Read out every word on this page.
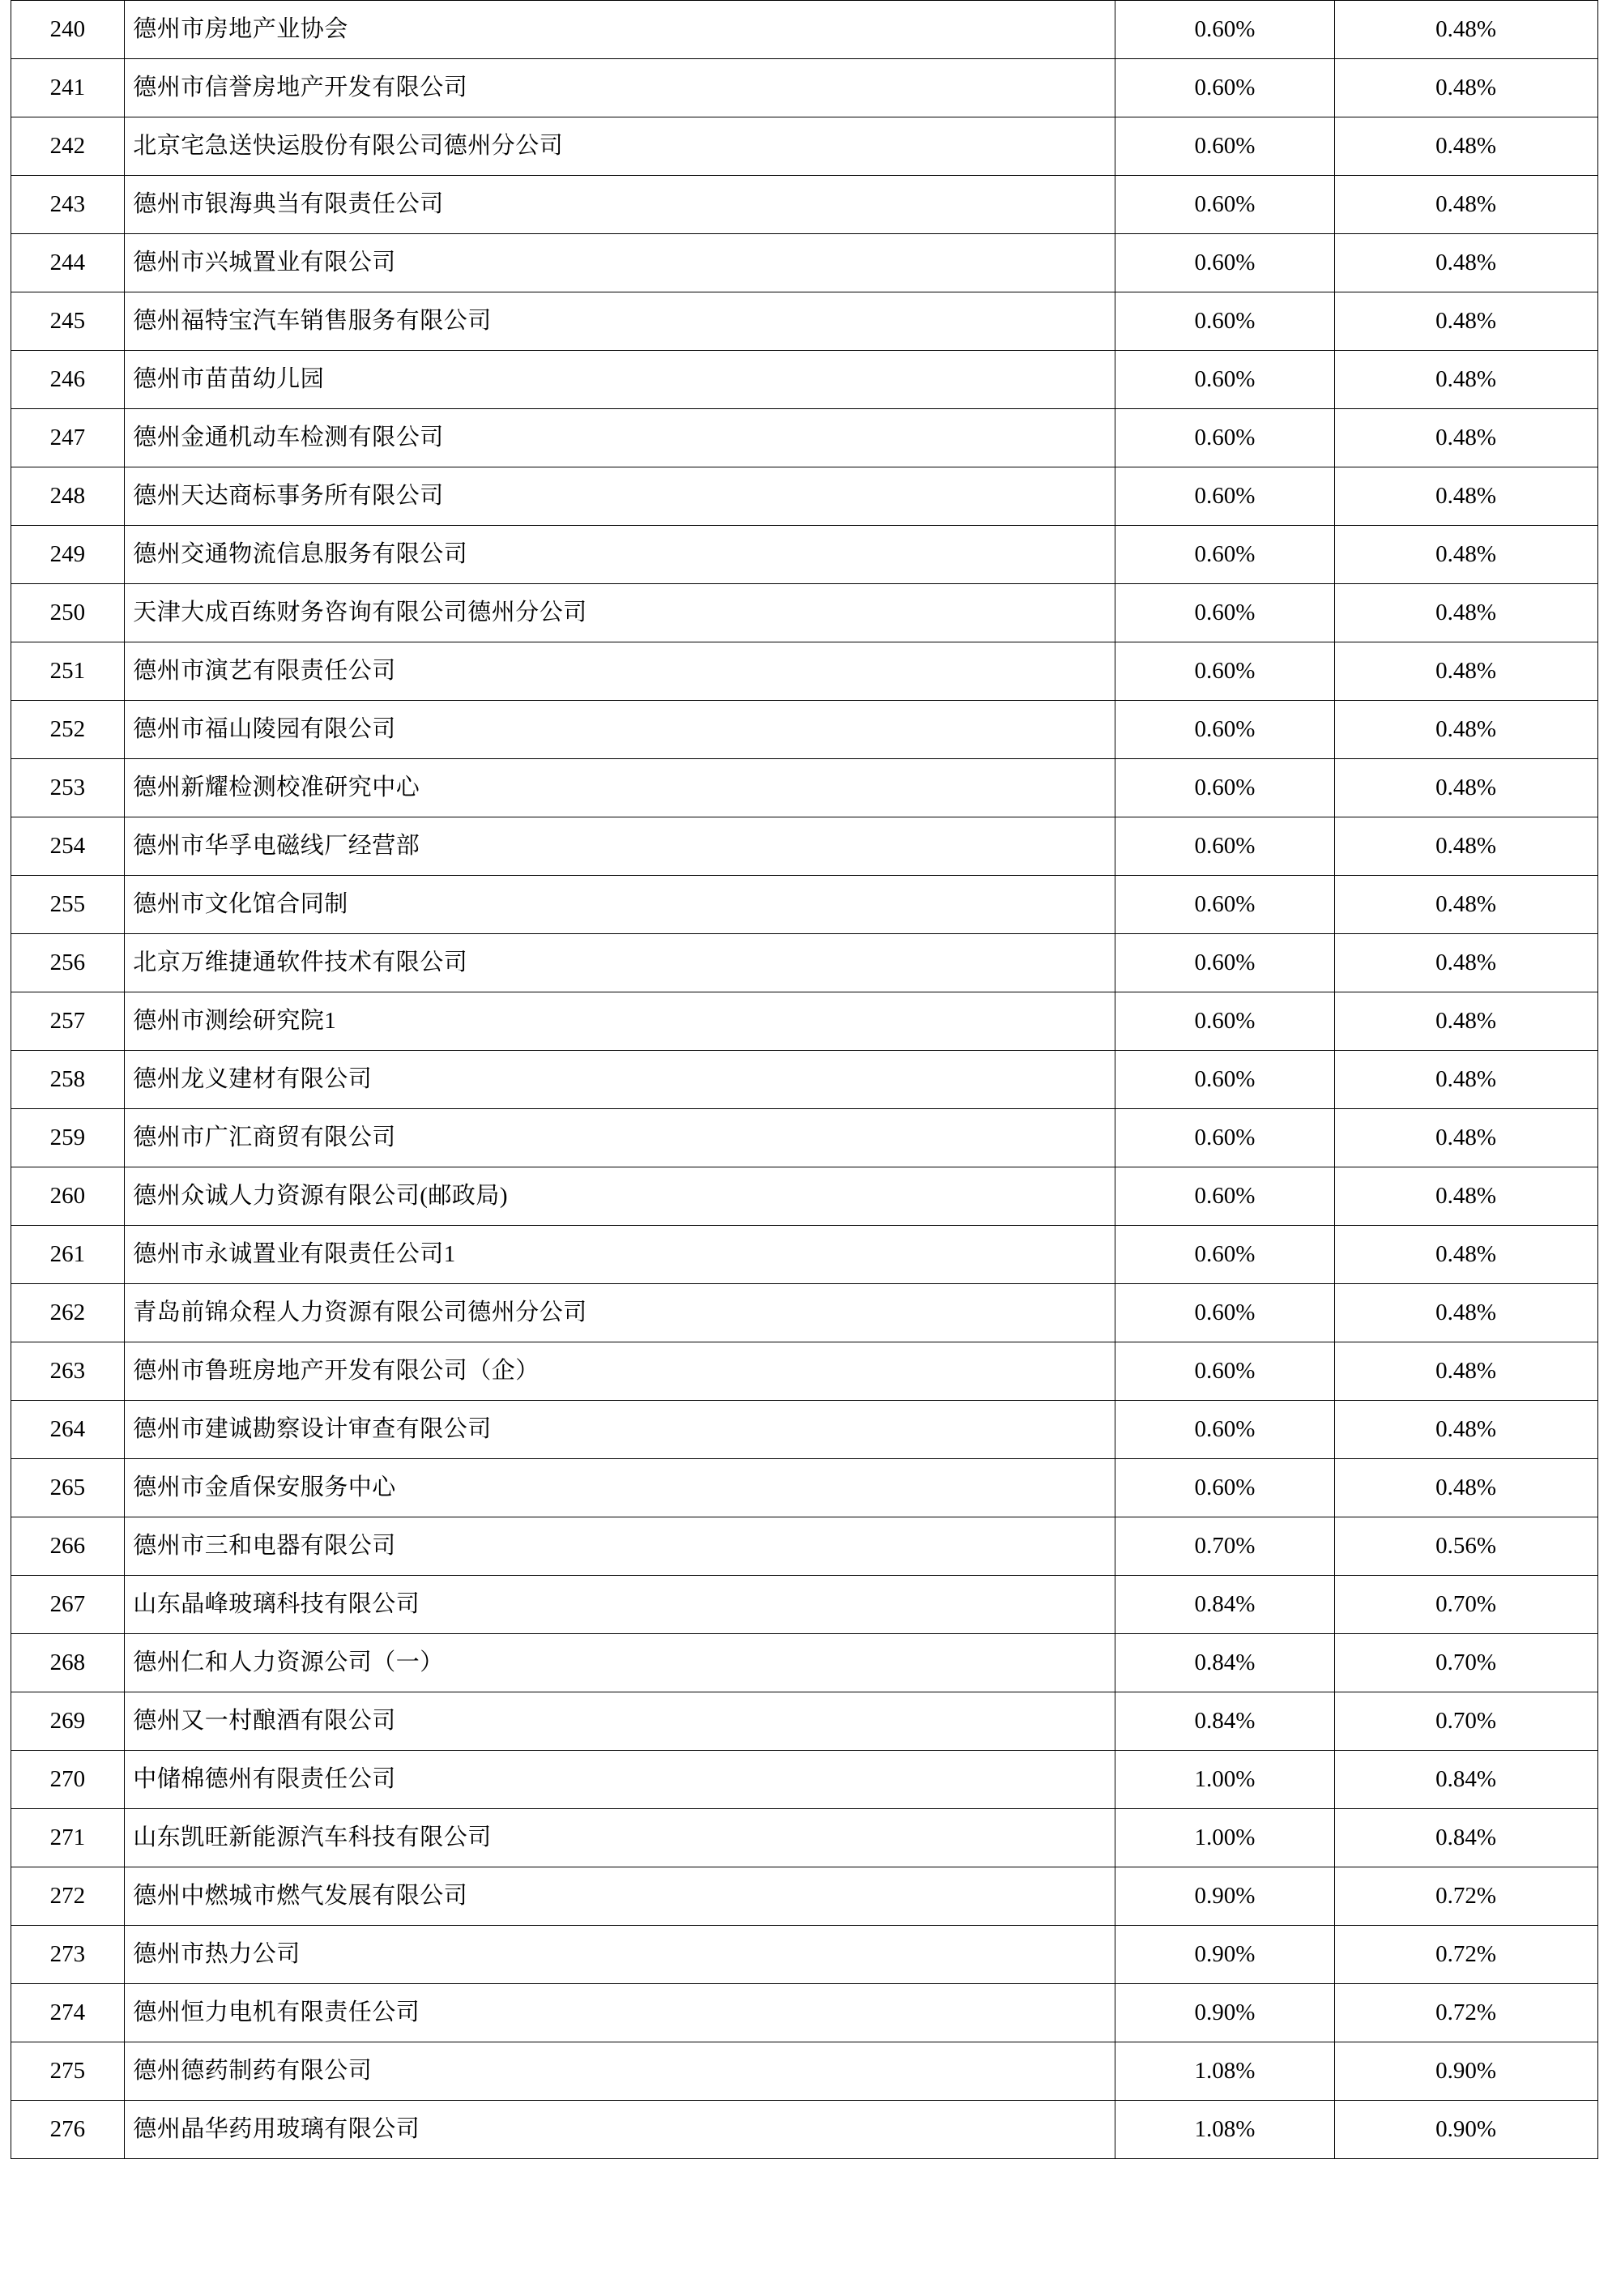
240	德州市房地产业协会	0.60%	0.48%
241	德州市信誉房地产开发有限公司	0.60%	0.48%
242	北京宅急送快运股份有限公司德州分公司	0.60%	0.48%
243	德州市银海典当有限责任公司	0.60%	0.48%
244	德州市兴城置业有限公司	0.60%	0.48%
245	德州福特宝汽车销售服务有限公司	0.60%	0.48%
246	德州市苗苗幼儿园	0.60%	0.48%
247	德州金通机动车检测有限公司	0.60%	0.48%
248	德州天达商标事务所有限公司	0.60%	0.48%
249	德州交通物流信息服务有限公司	0.60%	0.48%
250	天津大成百练财务咨询有限公司德州分公司	0.60%	0.48%
251	德州市演艺有限责任公司	0.60%	0.48%
252	德州市福山陵园有限公司	0.60%	0.48%
253	德州新耀检测校准研究中心	0.60%	0.48%
254	德州市华孚电磁线厂经营部	0.60%	0.48%
255	德州市文化馆合同制	0.60%	0.48%
256	北京万维捷通软件技术有限公司	0.60%	0.48%
257	德州市测绘研究院1	0.60%	0.48%
258	德州龙义建材有限公司	0.60%	0.48%
259	德州市广汇商贸有限公司	0.60%	0.48%
260	德州众诚人力资源有限公司(邮政局)	0.60%	0.48%
261	德州市永诚置业有限责任公司1	0.60%	0.48%
262	青岛前锦众程人力资源有限公司德州分公司	0.60%	0.48%
263	德州市鲁班房地产开发有限公司（企）	0.60%	0.48%
264	德州市建诚勘察设计审查有限公司	0.60%	0.48%
265	德州市金盾保安服务中心	0.60%	0.48%
266	德州市三和电器有限公司	0.70%	0.56%
267	山东晶峰玻璃科技有限公司	0.84%	0.70%
268	德州仁和人力资源公司（一）	0.84%	0.70%
269	德州又一村酿酒有限公司	0.84%	0.70%
270	中储棉德州有限责任公司	1.00%	0.84%
271	山东凯旺新能源汽车科技有限公司	1.00%	0.84%
272	德州中燃城市燃气发展有限公司	0.90%	0.72%
273	德州市热力公司	0.90%	0.72%
274	德州恒力电机有限责任公司	0.90%	0.72%
275	德州德药制药有限公司	1.08%	0.90%
276	德州晶华药用玻璃有限公司	1.08%	0.90%
